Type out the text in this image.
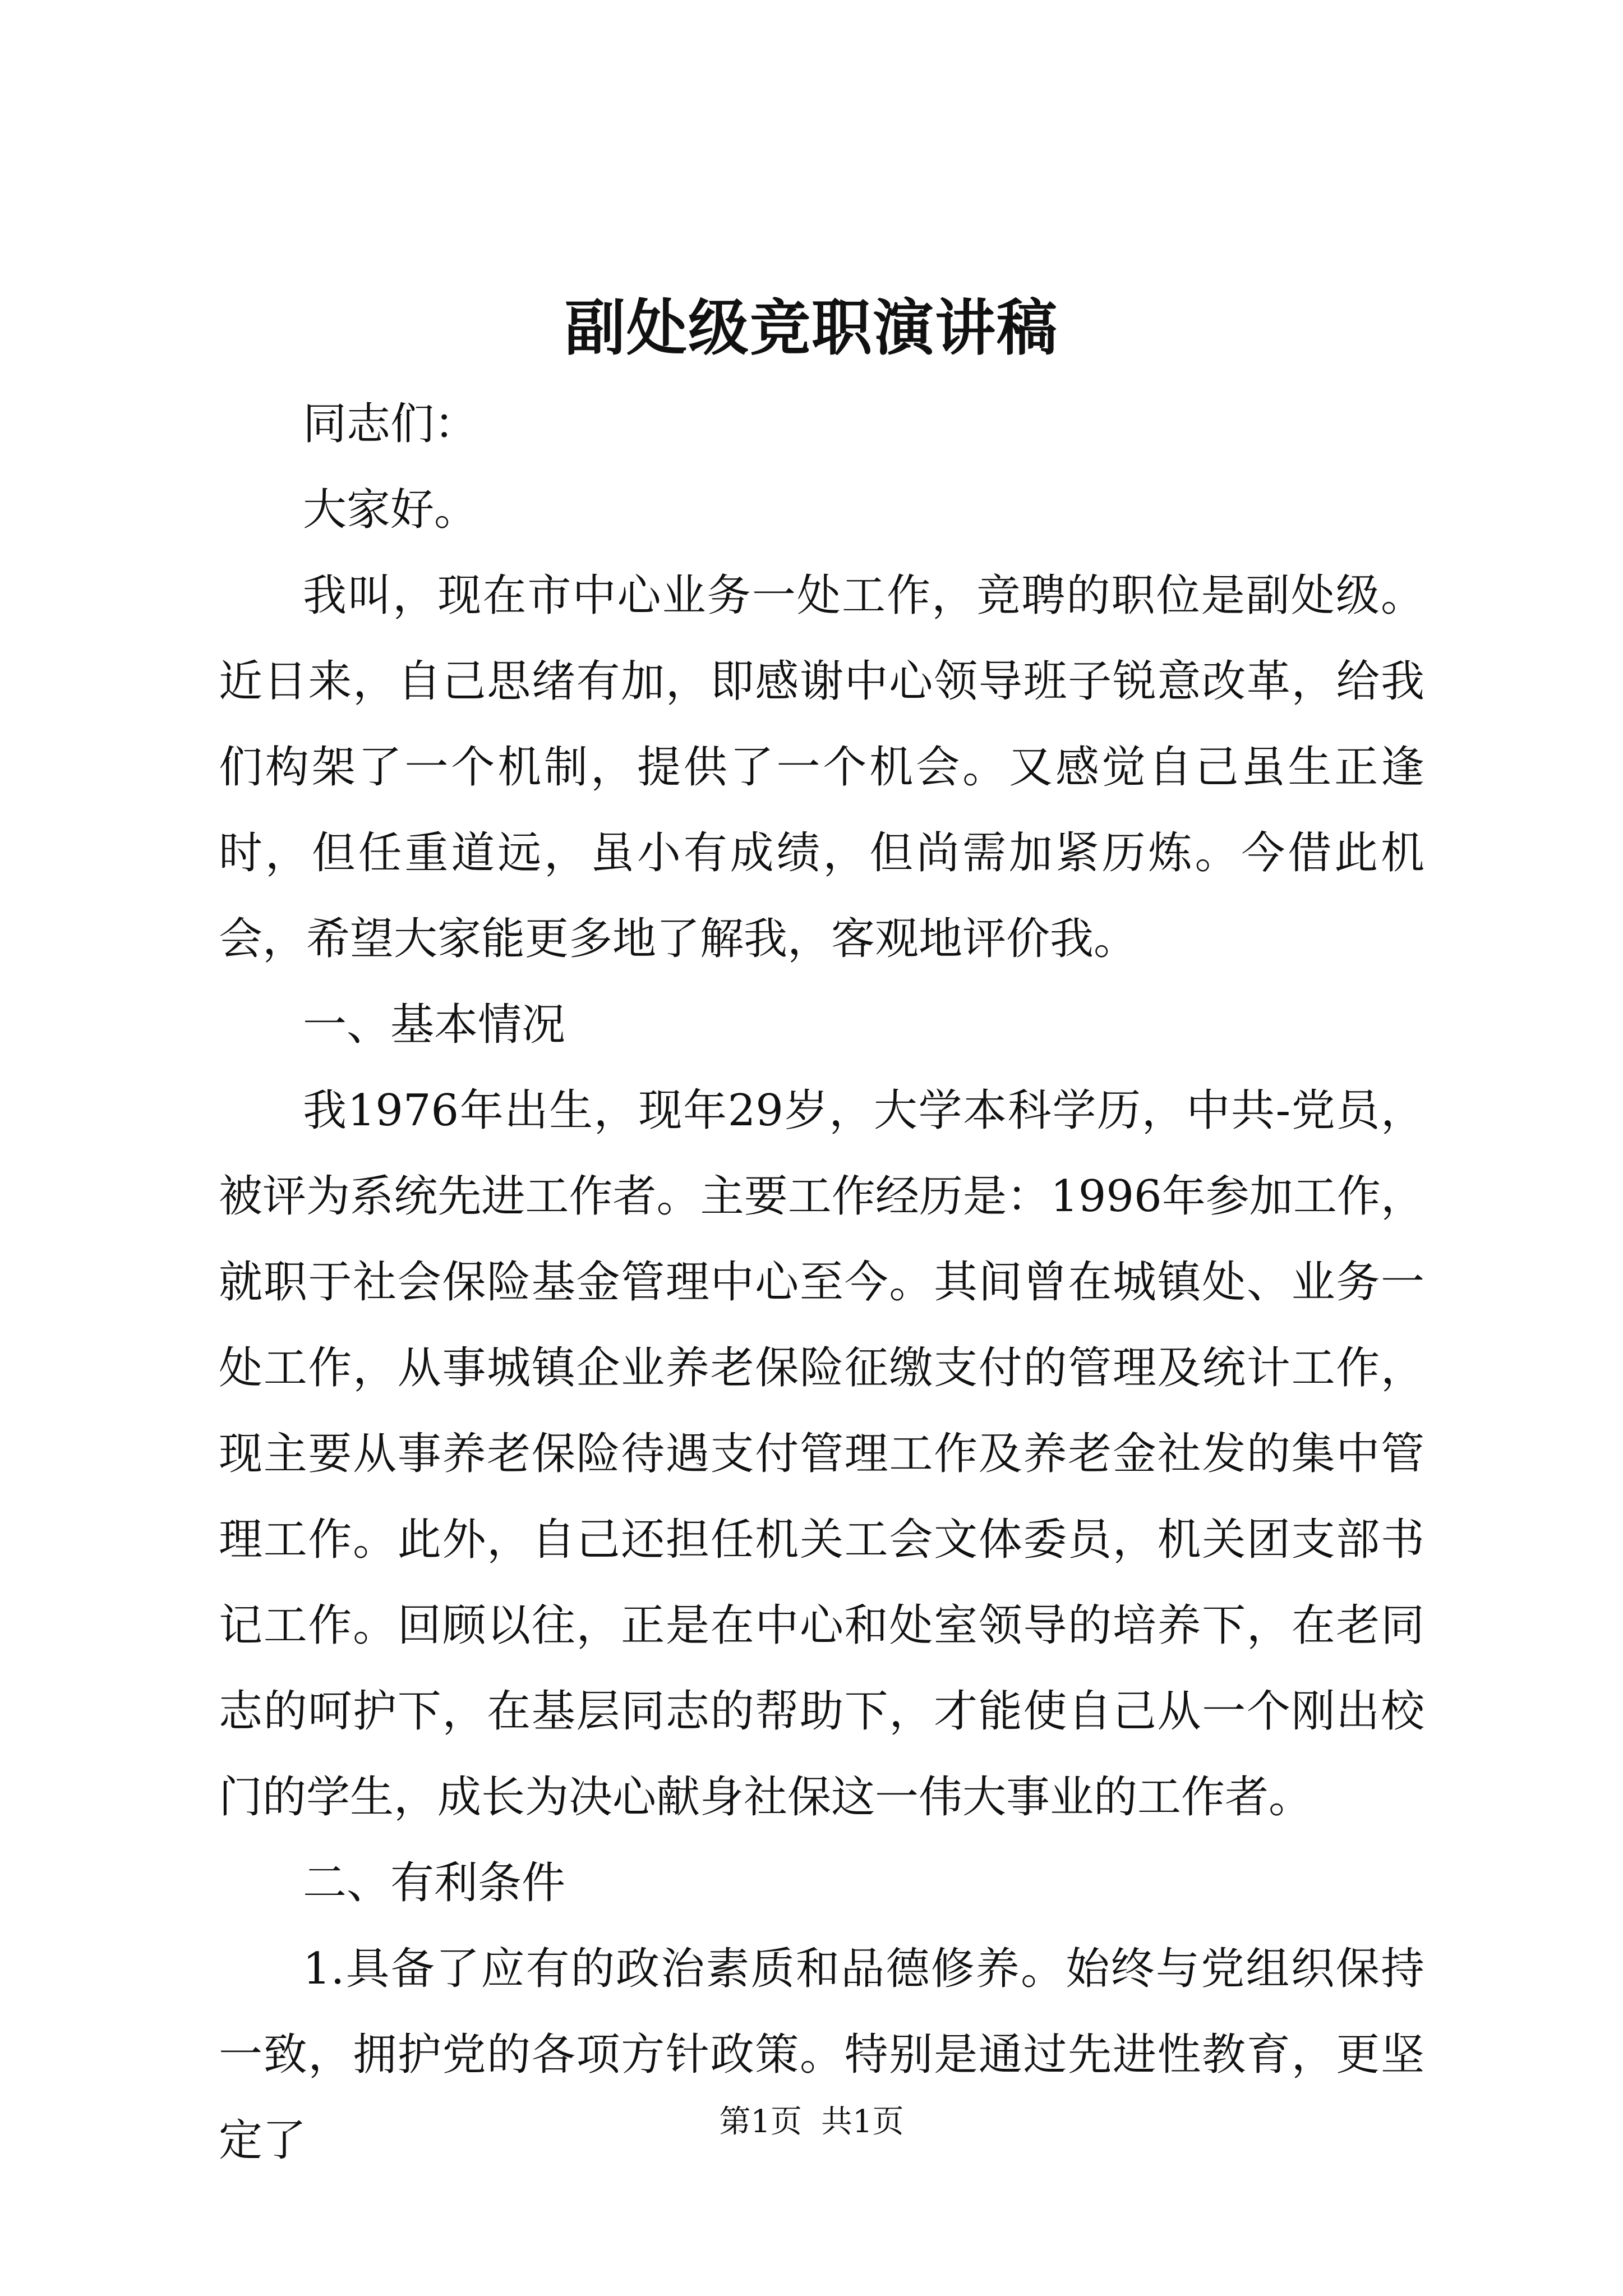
副处级竞职演讲稿

同志们：

大家好。

我叫，现在市中心业务一处工作，竞聘的职位是副处级。近日来，自己思绪有加，即感谢中心领导班子锐意改革，给我们构架了一个机制，提供了一个机会。又感觉自己虽生正逢时，但任重道远，虽小有成绩，但尚需加紧历炼。今借此机会，希望大家能更多地了解我，客观地评价我。

一、基本情况

我1976年出生，现年29岁，大学本科学历，中共-党员，被评为系统先进工作者。主要工作经历是：1996年参加工作，就职于社会保险基金管理中心至今。其间曾在城镇处、业务一处工作，从事城镇企业养老保险征缴支付的管理及统计工作，现主要从事养老保险待遇支付管理工作及养老金社发的集中管理工作。此外，自己还担任机关工会文体委员，机关团支部书记工作。回顾以往，正是在中心和处室领导的培养下，在老同志的呵护下，在基层同志的帮助下，才能使自己从一个刚出校门的学生，成长为决心献身社保这一伟大事业的工作者。

二、有利条件

1.具备了应有的政治素质和品德修养。始终与党组织保持一致，拥护党的各项方针政策。特别是通过先进性教育，更坚定了	第1页 共1页
